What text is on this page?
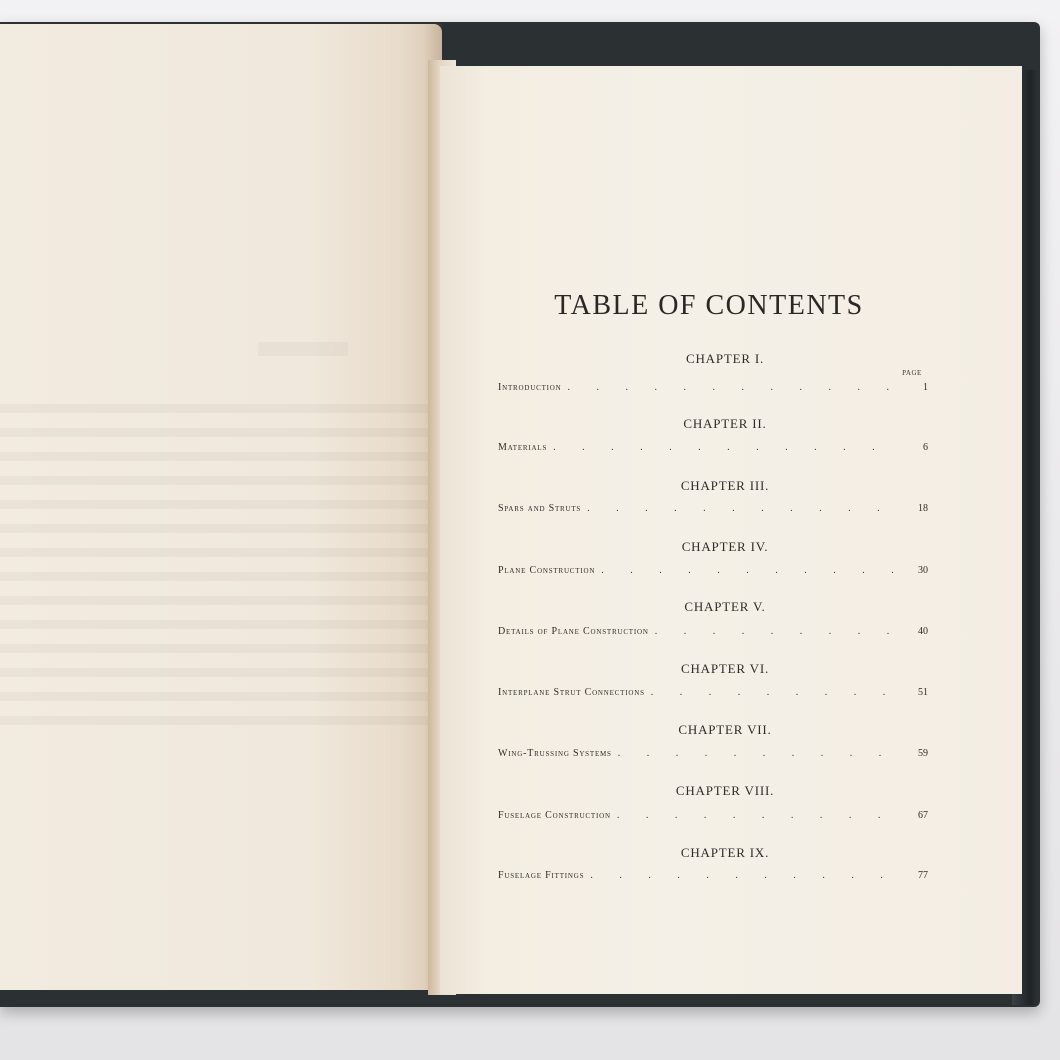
TABLE OF CONTENTS
PAGE
CHAPTER I.
Introduction . . .	1
CHAPTER II.
Materials . . .	6
CHAPTER III.
Spars and Struts . . .	18
CHAPTER IV.
Plane Construction . . .	30
CHAPTER V.
Details of Plane Construction . . .	40
CHAPTER VI.
Interplane Strut Connections . . .	51
CHAPTER VII.
Wing-Trussing Systems . . .	59
CHAPTER VIII.
Fuselage Construction . . .	67
CHAPTER IX.
Fuselage Fittings . . .	77
